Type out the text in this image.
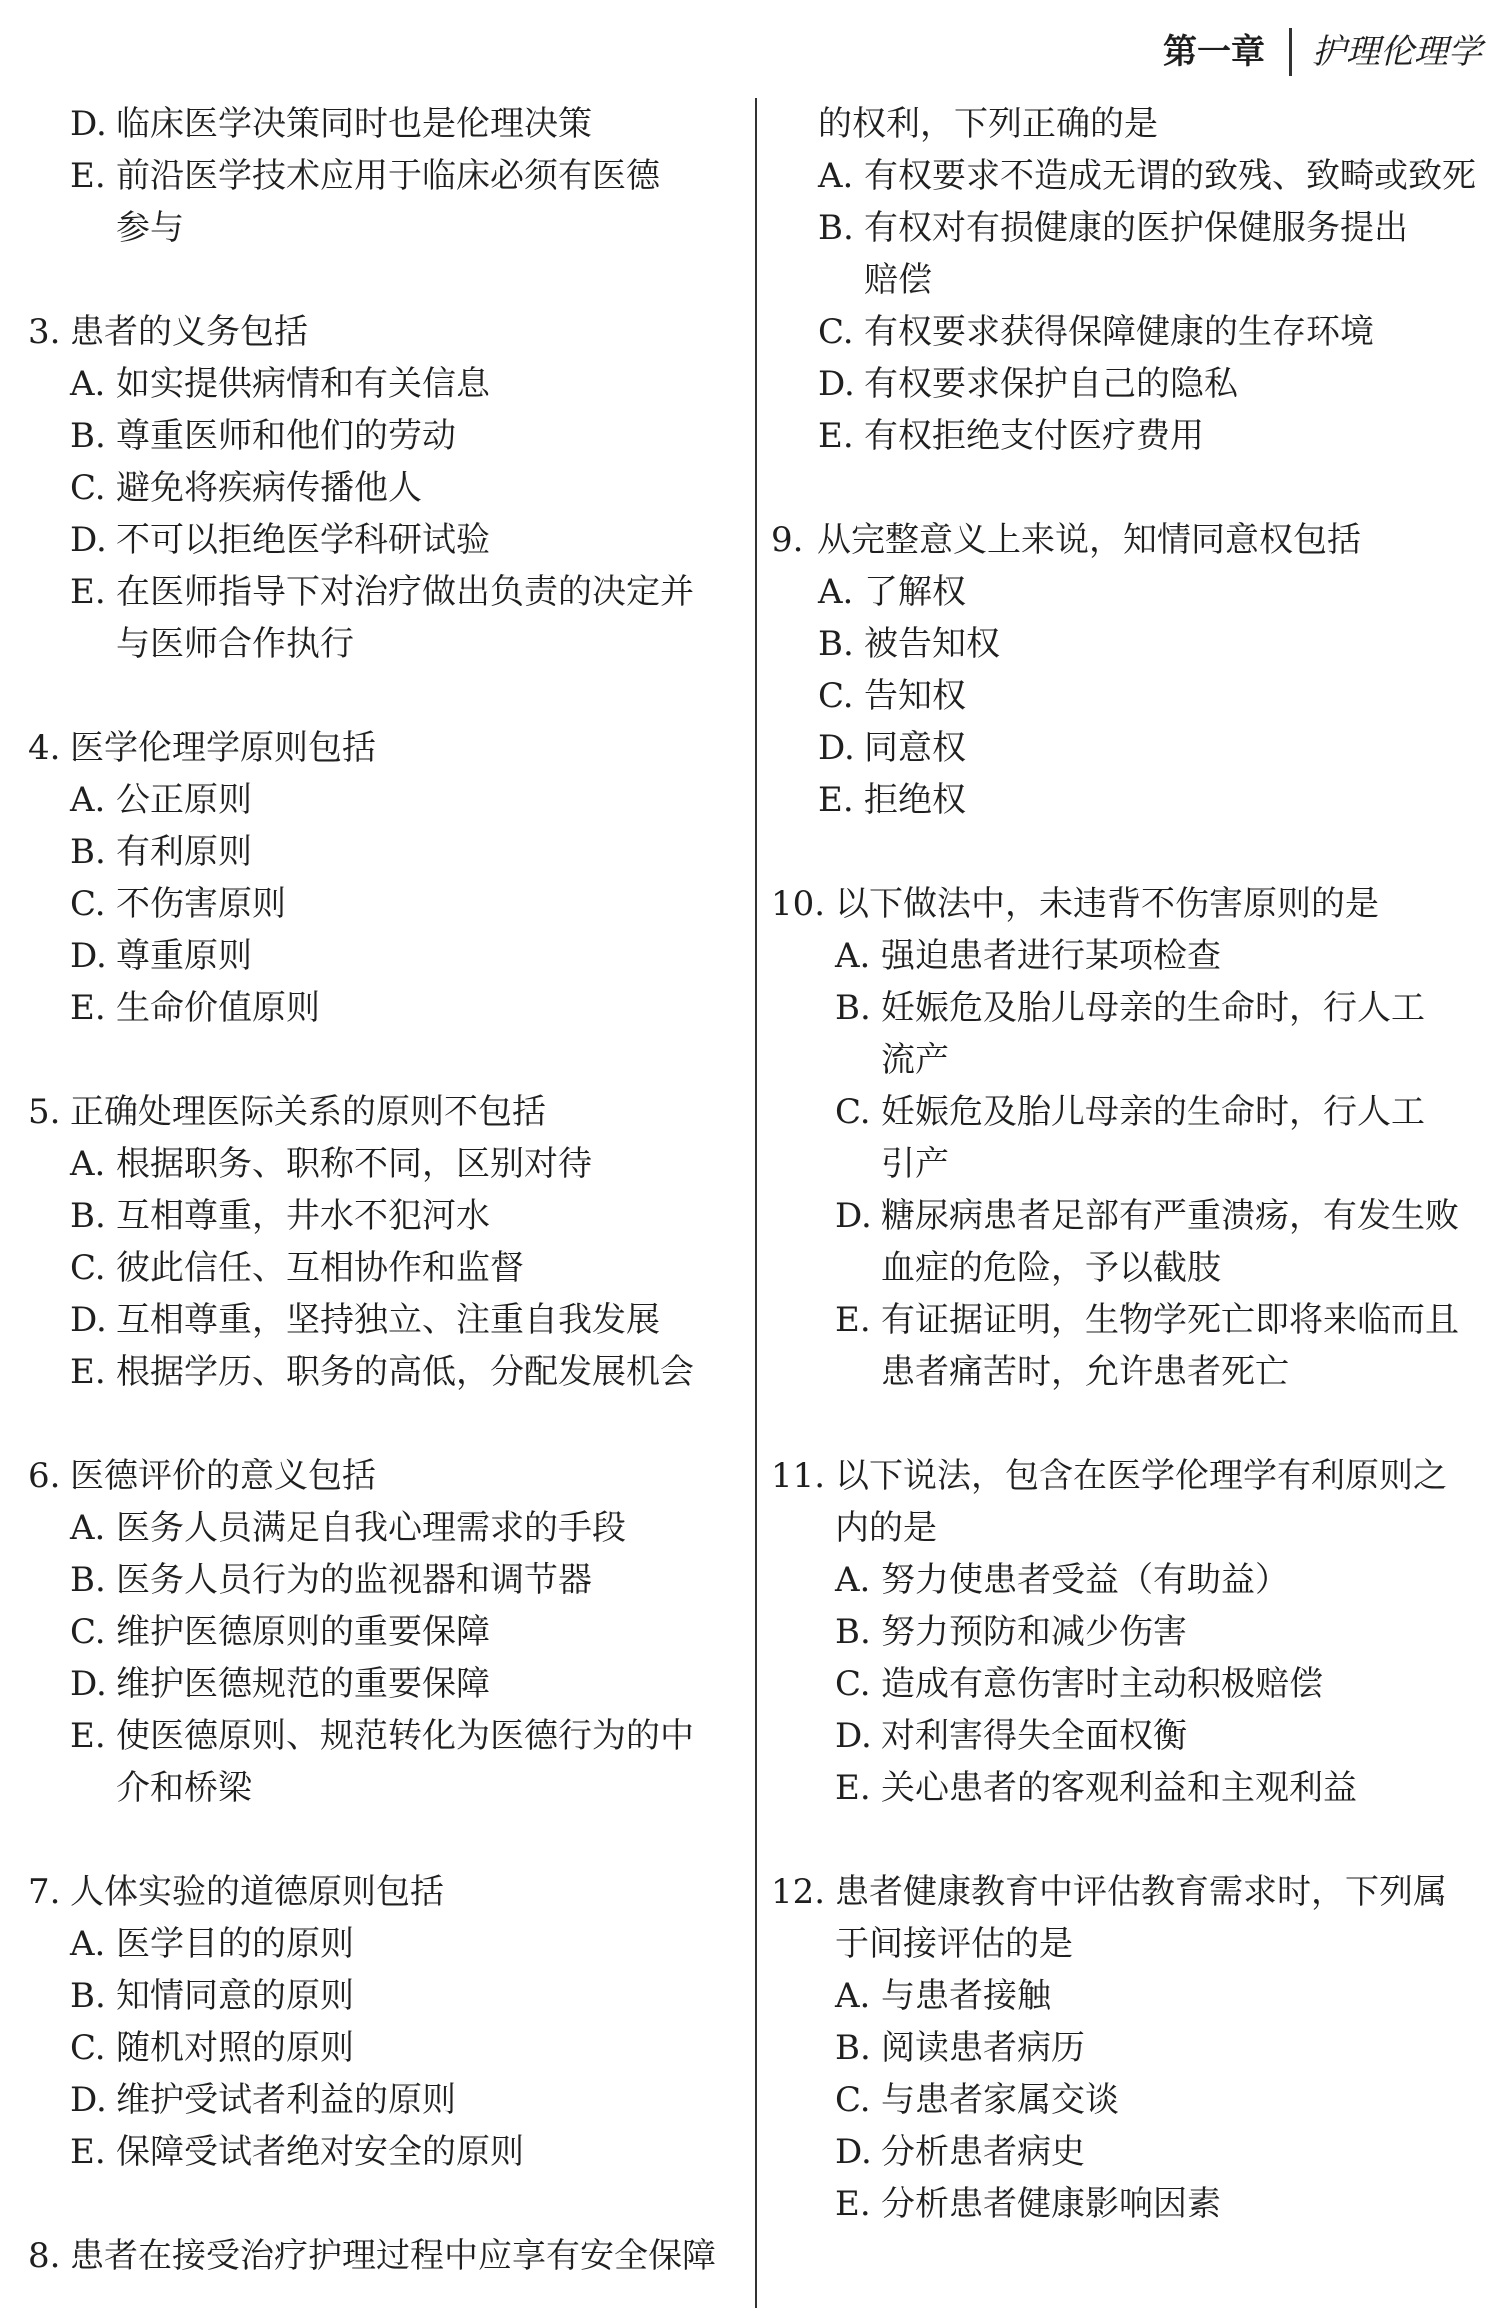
第一章 护理伦理学
D. 临床医学决策同时也是伦理决策
E. 前沿医学技术应用于临床必须有医德
参与
3. 患者的义务包括
A. 如实提供病情和有关信息
B. 尊重医师和他们的劳动
C. 避免将疾病传播他人
D. 不可以拒绝医学科研试验
E. 在医师指导下对治疗做出负责的决定并
与医师合作执行
4. 医学伦理学原则包括
A. 公正原则
B. 有利原则
C. 不伤害原则
D. 尊重原则
E. 生命价值原则
5. 正确处理医际关系的原则不包括
A. 根据职务、职称不同，区别对待
B. 互相尊重，井水不犯河水
C. 彼此信任、互相协作和监督
D. 互相尊重，坚持独立、注重自我发展
E. 根据学历、职务的高低，分配发展机会
6. 医德评价的意义包括
A. 医务人员满足自我心理需求的手段
B. 医务人员行为的监视器和调节器
C. 维护医德原则的重要保障
D. 维护医德规范的重要保障
E. 使医德原则、规范转化为医德行为的中
介和桥梁
7. 人体实验的道德原则包括
A. 医学目的的原则
B. 知情同意的原则
C. 随机对照的原则
D. 维护受试者利益的原则
E. 保障受试者绝对安全的原则
8. 患者在接受治疗护理过程中应享有安全保障
的权利，下列正确的是
A. 有权要求不造成无谓的致残、致畸或致死
B. 有权对有损健康的医护保健服务提出
赔偿
C. 有权要求获得保障健康的生存环境
D. 有权要求保护自己的隐私
E. 有权拒绝支付医疗费用
9. 从完整意义上来说，知情同意权包括
A. 了解权
B. 被告知权
C. 告知权
D. 同意权
E. 拒绝权
10. 以下做法中，未违背不伤害原则的是
A. 强迫患者进行某项检查
B. 妊娠危及胎儿母亲的生命时，行人工
流产
C. 妊娠危及胎儿母亲的生命时，行人工
引产
D. 糖尿病患者足部有严重溃疡，有发生败
血症的危险，予以截肢
E. 有证据证明，生物学死亡即将来临而且
患者痛苦时，允许患者死亡
11. 以下说法，包含在医学伦理学有利原则之
内的是
A. 努力使患者受益（有助益）
B. 努力预防和减少伤害
C. 造成有意伤害时主动积极赔偿
D. 对利害得失全面权衡
E. 关心患者的客观利益和主观利益
12. 患者健康教育中评估教育需求时，下列属
于间接评估的是
A. 与患者接触
B. 阅读患者病历
C. 与患者家属交谈
D. 分析患者病史
E. 分析患者健康影响因素
